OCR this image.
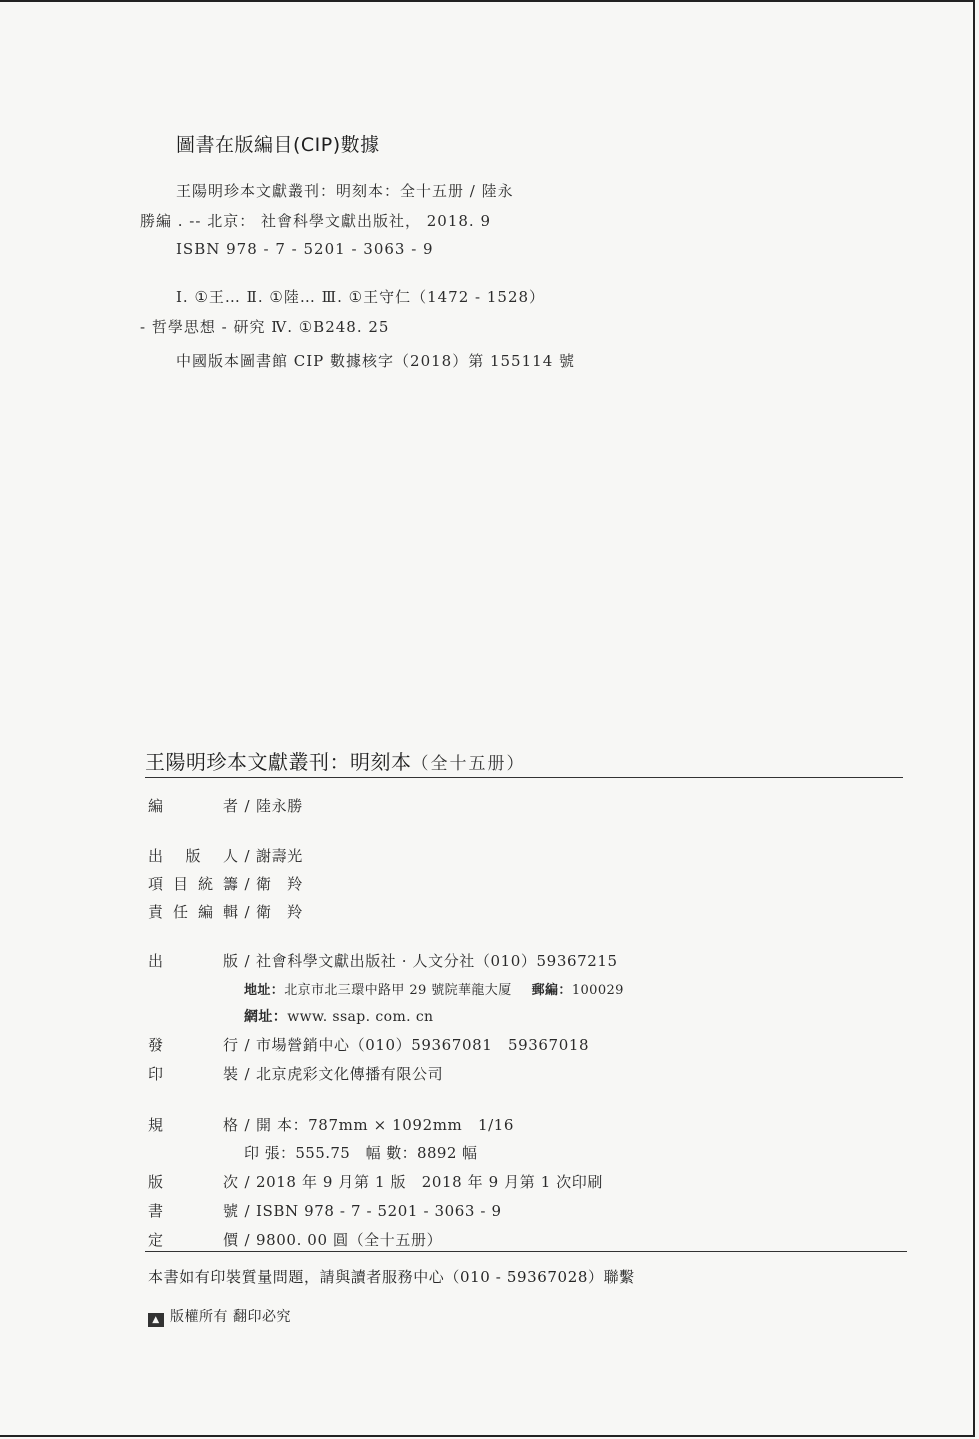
圖書在版編目(CIP)數據
王陽明珍本文獻叢刊：明刻本：全十五册 / 陸永
勝編 . -- 北京： 社會科學文獻出版社， 2018. 9
ISBN 978 - 7 - 5201 - 3063 - 9
Ⅰ. ①王… Ⅱ. ①陸… Ⅲ. ①王守仁（1472 - 1528）
- 哲學思想 - 研究 Ⅳ. ①B248. 25
中國版本圖書館 CIP 數據核字（2018）第 155114 號
王陽明珍本文獻叢刊：明刻本（全十五册）
編者 / 陸永勝
出版人 / 謝壽光
項目統籌 / 衛　羚
責任編輯 / 衛　羚
出版 / 社會科學文獻出版社 · 人文分社（010）59367215
地址：北京市北三環中路甲 29 號院華龍大厦 郵編：100029
網址：www. ssap. com. cn
發行 / 市場營銷中心（010）59367081　59367018
印裝 / 北京虎彩文化傳播有限公司
規格 / 開 本：787mm × 1092mm　1/16
印 張：555.75　幅 數：8892 幅
版次 / 2018 年 9 月第 1 版　2018 年 9 月第 1 次印刷
書號 / ISBN 978 - 7 - 5201 - 3063 - 9
定價 / 9800. 00 圓（全十五册）
本書如有印裝質量問題，請與讀者服務中心（010 - 59367028）聯繫
▲ 版權所有 翻印必究
